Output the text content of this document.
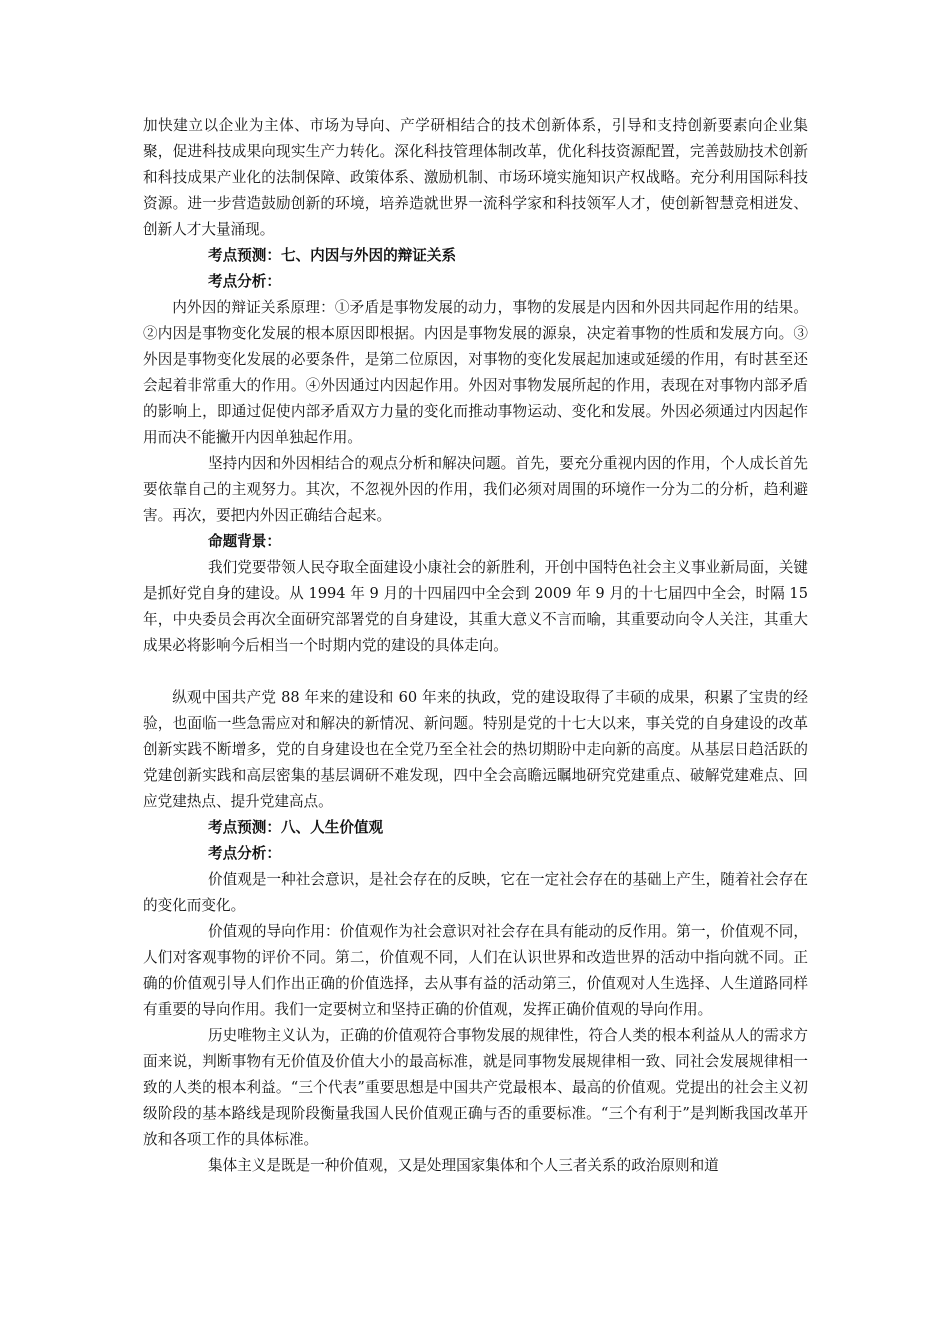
加快建立以企业为主体、市场为导向、产学研相结合的技术创新体系，引导和支持创新要素向企业集聚，促进科技成果向现实生产力转化。深化科技管理体制改革，优化科技资源配置，完善鼓励技术创新和科技成果产业化的法制保障、政策体系、激励机制、市场环境实施知识产权战略。充分利用国际科技资源。进一步营造鼓励创新的环境，培养造就世界一流科学家和科技领军人才，使创新智慧竞相迸发、创新人才大量涌现。

考点预测：七、内因与外因的辩证关系

考点分析：

内外因的辩证关系原理：①矛盾是事物发展的动力，事物的发展是内因和外因共同起作用的结果。②内因是事物变化发展的根本原因即根据。内因是事物发展的源泉，决定着事物的性质和发展方向。③外因是事物变化发展的必要条件，是第二位原因，对事物的变化发展起加速或延缓的作用，有时甚至还会起着非常重大的作用。④外因通过内因起作用。外因对事物发展所起的作用，表现在对事物内部矛盾的影响上，即通过促使内部矛盾双方力量的变化而推动事物运动、变化和发展。外因必须通过内因起作用而决不能撇开内因单独起作用。

坚持内因和外因相结合的观点分析和解决问题。首先，要充分重视内因的作用，个人成长首先要依靠自己的主观努力。其次，不忽视外因的作用，我们必须对周围的环境作一分为二的分析，趋利避害。再次，要把内外因正确结合起来。

命题背景：

我们党要带领人民夺取全面建设小康社会的新胜利，开创中国特色社会主义事业新局面，关键是抓好党自身的建设。从 1994 年 9 月的十四届四中全会到 2009 年 9 月的十七届四中全会，时隔 15 年，中央委员会再次全面研究部署党的自身建设，其重大意义不言而喻，其重要动向令人关注，其重大成果必将影响今后相当一个时期内党的建设的具体走向。

纵观中国共产党 88 年来的建设和 60 年来的执政，党的建设取得了丰硕的成果，积累了宝贵的经验，也面临一些急需应对和解决的新情况、新问题。特别是党的十七大以来，事关党的自身建设的改革创新实践不断增多，党的自身建设也在全党乃至全社会的热切期盼中走向新的高度。从基层日趋活跃的党建创新实践和高层密集的基层调研不难发现，四中全会高瞻远瞩地研究党建重点、破解党建难点、回应党建热点、提升党建高点。

考点预测：八、人生价值观

考点分析：

价值观是一种社会意识，是社会存在的反映，它在一定社会存在的基础上产生，随着社会存在的变化而变化。

价值观的导向作用：价值观作为社会意识对社会存在具有能动的反作用。第一，价值观不同，人们对客观事物的评价不同。第二，价值观不同，人们在认识世界和改造世界的活动中指向就不同。正确的价值观引导人们作出正确的价值选择，去从事有益的活动第三，价值观对人生选择、人生道路同样有重要的导向作用。我们一定要树立和坚持正确的价值观，发挥正确价值观的导向作用。

历史唯物主义认为，正确的价值观符合事物发展的规律性，符合人类的根本利益从人的需求方面来说，判断事物有无价值及价值大小的最高标准，就是同事物发展规律相一致、同社会发展规律相一致的人类的根本利益。“三个代表”重要思想是中国共产党最根本、最高的价值观。党提出的社会主义初级阶段的基本路线是现阶段衡量我国人民价值观正确与否的重要标准。“三个有利于”是判断我国改革开放和各项工作的具体标准。

集体主义是既是一种价值观，又是处理国家集体和个人三者关系的政治原则和道
